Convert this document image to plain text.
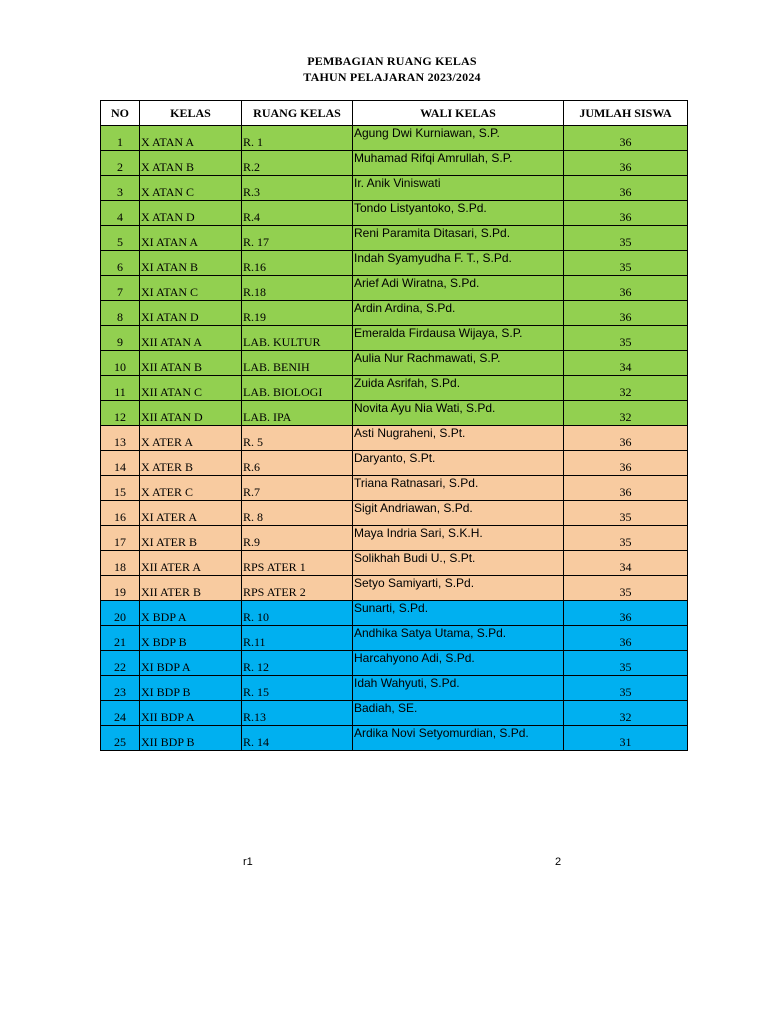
PEMBAGIAN RUANG KELAS
TAHUN PELAJARAN 2023/2024
NO	KELAS	RUANG KELAS	WALI KELAS	JUMLAH SISWA
1	X ATAN A	R. 1	Agung Dwi Kurniawan, S.P.	36
2	X ATAN B	R.2	Muhamad Rifqi Amrullah, S.P.	36
3	X ATAN C	R.3	Ir. Anik Viniswati	36
4	X ATAN D	R.4	Tondo Listyantoko, S.Pd.	36
5	XI ATAN A	R. 17	Reni Paramita Ditasari, S.Pd.	35
6	XI ATAN B	R.16	Indah Syamyudha F. T., S.Pd.	35
7	XI ATAN C	R.18	Arief Adi Wiratna, S.Pd.	36
8	XI ATAN D	R.19	Ardin Ardina, S.Pd.	36
9	XII ATAN A	LAB. KULTUR	Emeralda Firdausa Wijaya, S.P.	35
10	XII ATAN B	LAB. BENIH	Aulia Nur Rachmawati, S.P.	34
11	XII ATAN C	LAB. BIOLOGI	Zuida Asrifah, S.Pd.	32
12	XII ATAN D	LAB. IPA	Novita Ayu Nia Wati, S.Pd.	32
13	X ATER A	R. 5	Asti Nugraheni, S.Pt.	36
14	X ATER B	R.6	Daryanto, S.Pt.	36
15	X ATER C	R.7	Triana Ratnasari, S.Pd.	36
16	XI ATER A	R. 8	Sigit Andriawan, S.Pd.	35
17	XI ATER B	R.9	Maya Indria Sari, S.K.H.	35
18	XII ATER A	RPS ATER 1	Solikhah Budi U., S.Pt.	34
19	XII ATER B	RPS ATER 2	Setyo Samiyarti, S.Pd.	35
20	X BDP A	R. 10	Sunarti, S.Pd.	36
21	X BDP B	R.11	Andhika Satya Utama, S.Pd.	36
22	XI BDP A	R. 12	Harcahyono Adi, S.Pd.	35
23	XI BDP B	R. 15	Idah Wahyuti, S.Pd.	35
24	XII BDP A	R.13	Badiah, SE.	32
25	XII BDP B	R. 14	Ardika Novi Setyomurdian, S.Pd.	31
r1	2
